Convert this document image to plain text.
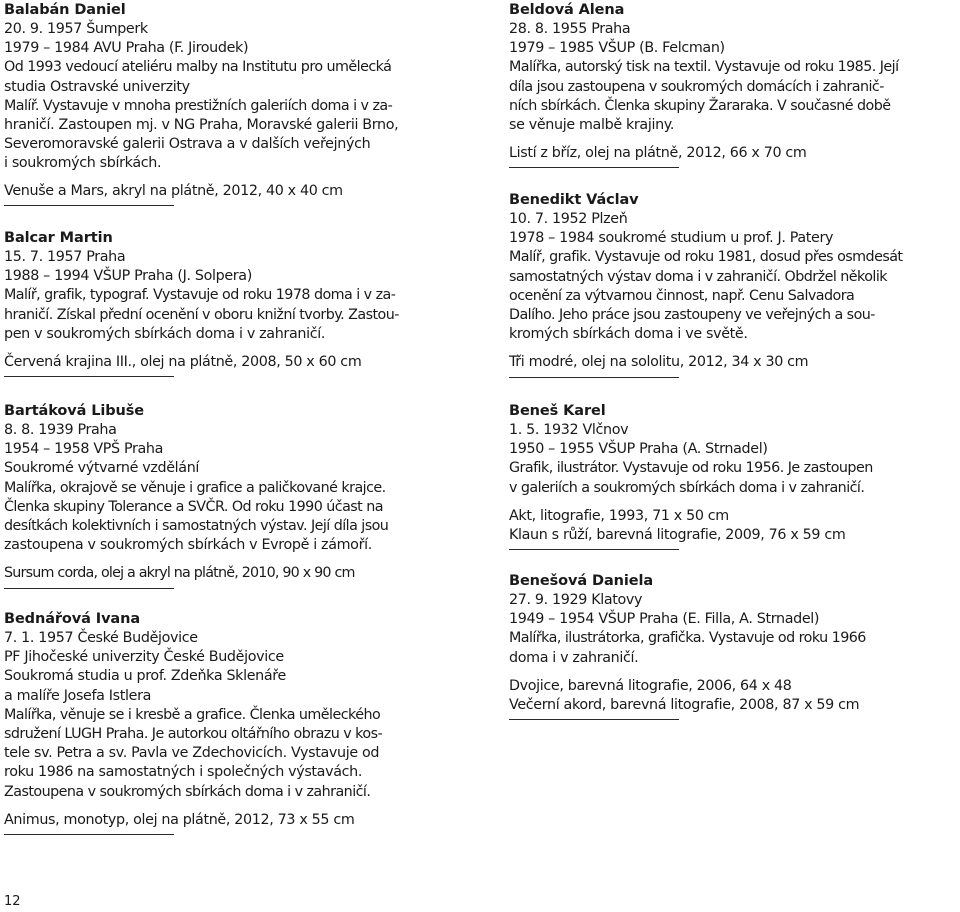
Balabán Daniel
20. 9. 1957 Šumperk
1979 – 1984 AVU Praha (F. Jiroudek)
Od 1993 vedoucí ateliéru malby na Institutu pro umělecká
studia Ostravské univerzity
Malíř. Vystavuje v mnoha prestižních galeriích doma i v za-
hraničí. Zastoupen mj. v NG Praha, Moravské galerii Brno,
Severomoravské galerii Ostrava a v dalších veřejných
i soukromých sbírkách.
Venuše a Mars, akryl na plátně, 2012, 40 x 40 cm
Balcar Martin
15. 7. 1957 Praha
1988 – 1994 VŠUP Praha (J. Solpera)
Malíř, grafik, typograf. Vystavuje od roku 1978 doma i v za-
hraničí. Získal přední ocenění v oboru knižní tvorby. Zastou-
pen v soukromých sbírkách doma i v zahraničí.
Červená krajina III., olej na plátně, 2008, 50 x 60 cm
Bartáková Libuše
8. 8. 1939 Praha
1954 – 1958 VPŠ Praha
Soukromé výtvarné vzdělání
Malířka, okrajově se věnuje i grafice a paličkované krajce.
Členka skupiny Tolerance a SVČR. Od roku 1990 účast na
desítkách kolektivních i samostatných výstav. Její díla jsou
zastoupena v soukromých sbírkách v Evropě i zámoří.
Sursum corda, olej a akryl na plátně, 2010, 90 x 90 cm
Bednářová Ivana
7. 1. 1957 České Budějovice
PF Jihočeské univerzity České Budějovice
Soukromá studia u prof. Zdeňka Sklenáře
a malíře Josefa Istlera
Malířka, věnuje se i kresbě a grafice. Členka uměleckého
sdružení LUGH Praha. Je autorkou oltářního obrazu v kos-
tele sv. Petra a sv. Pavla ve Zdechovicích. Vystavuje od
roku 1986 na samostatných i společných výstavách.
Zastoupena v soukromých sbírkách doma i v zahraničí.
Animus, monotyp, olej na plátně, 2012, 73 x 55 cm
Beldová Alena
28. 8. 1955 Praha
1979 – 1985 VŠUP (B. Felcman)
Malířka, autorský tisk na textil. Vystavuje od roku 1985. Její
díla jsou zastoupena v soukromých domácích i zahranič-
ních sbírkách. Členka skupiny Žararaka. V současné době
se věnuje malbě krajiny.
Listí z bříz, olej na plátně, 2012, 66 x 70 cm
Benedikt Václav
10. 7. 1952 Plzeň
1978 – 1984 soukromé studium u prof. J. Patery
Malíř, grafik. Vystavuje od roku 1981, dosud přes osmdesát
samostatných výstav doma i v zahraničí. Obdržel několik
ocenění za výtvarnou činnost, např. Cenu Salvadora
Dalího. Jeho práce jsou zastoupeny ve veřejných a sou-
kromých sbírkách doma i ve světě.
Tři modré, olej na sololitu, 2012, 34 x 30 cm
Beneš Karel
1. 5. 1932 Vlčnov
1950 – 1955 VŠUP Praha (A. Strnadel)
Grafik, ilustrátor. Vystavuje od roku 1956. Je zastoupen
v galeriích a soukromých sbírkách doma i v zahraničí.
Akt, litografie, 1993, 71 x 50 cm
Klaun s růží, barevná litografie, 2009, 76 x 59 cm
Benešová Daniela
27. 9. 1929 Klatovy
1949 – 1954 VŠUP Praha (E. Filla, A. Strnadel)
Malířka, ilustrátorka, grafička. Vystavuje od roku 1966
doma i v zahraničí.
Dvojice, barevná litografie, 2006, 64 x 48
Večerní akord, barevná litografie, 2008, 87 x 59 cm
12
